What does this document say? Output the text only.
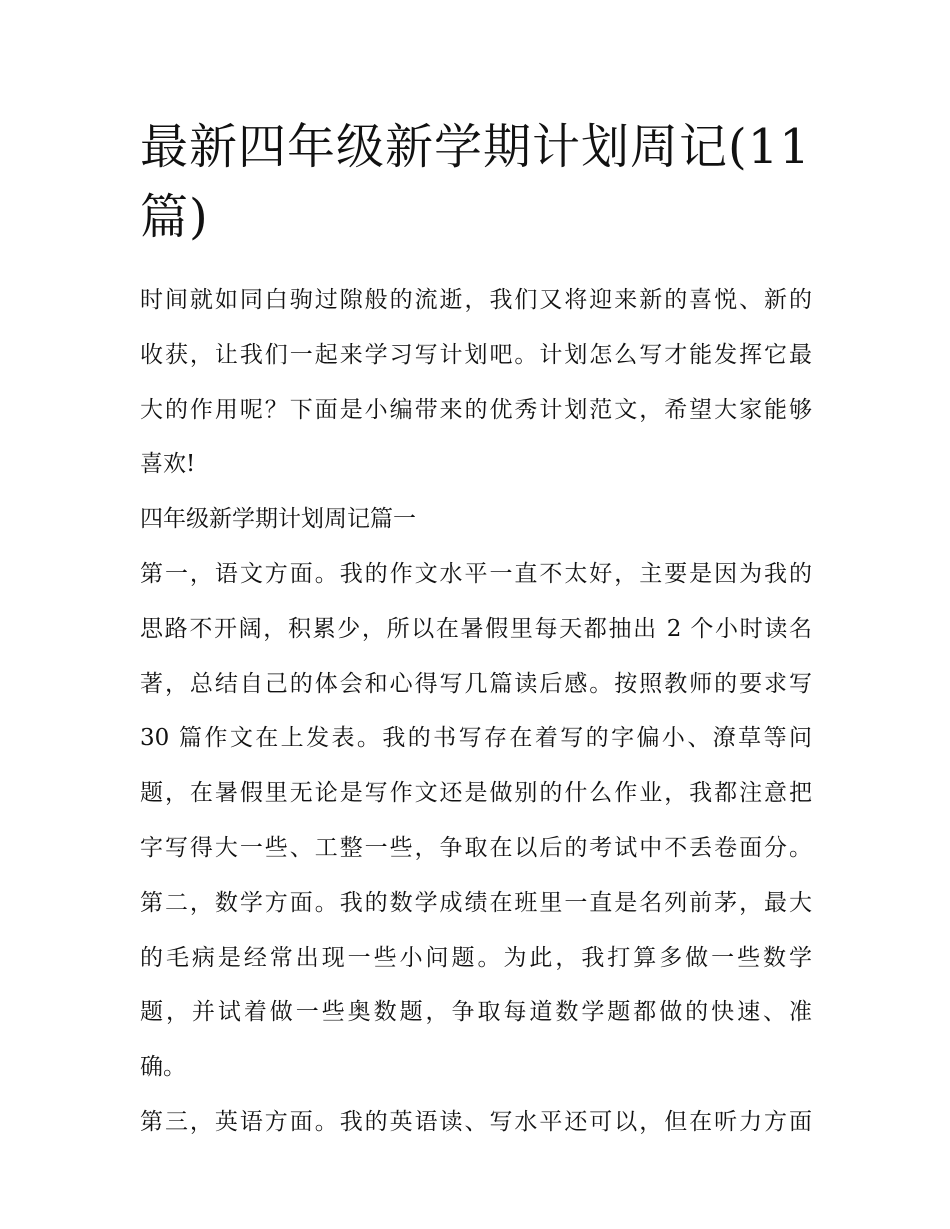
最新四年级新学期计划周记(11
篇)
时间就如同白驹过隙般的流逝，我们又将迎来新的喜悦、新的
收获，让我们一起来学习写计划吧。计划怎么写才能发挥它最
大的作用呢？下面是小编带来的优秀计划范文，希望大家能够
喜欢!
四年级新学期计划周记篇一
第一，语文方面。我的作文水平一直不太好，主要是因为我的
思路不开阔，积累少，所以在暑假里每天都抽出 2 个小时读名
著，总结自己的体会和心得写几篇读后感。按照教师的要求写
30 篇作文在上发表。我的书写存在着写的字偏小、潦草等问
题，在暑假里无论是写作文还是做别的什么作业，我都注意把
字写得大一些、工整一些，争取在以后的考试中不丢卷面分。
第二，数学方面。我的数学成绩在班里一直是名列前茅，最大
的毛病是经常出现一些小问题。为此，我打算多做一些数学
题，并试着做一些奥数题，争取每道数学题都做的快速、准
确。
第三，英语方面。我的英语读、写水平还可以，但在听力方面
